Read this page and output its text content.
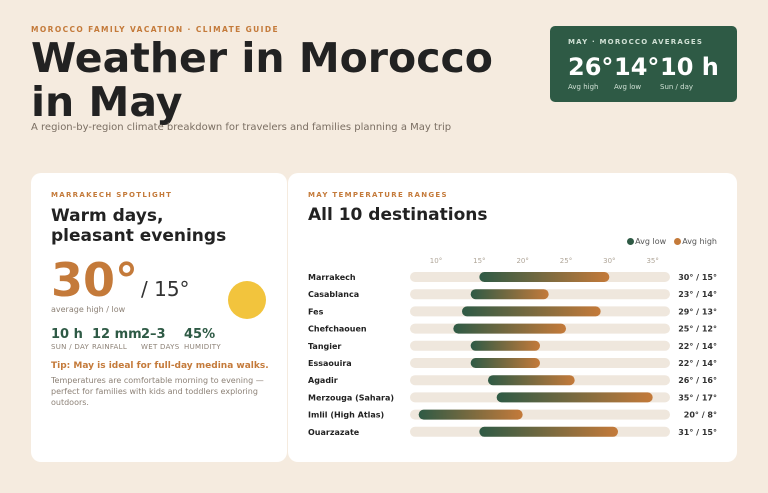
MOROCCO FAMILY VACATION · CLIMATE GUIDE
Weather in Morocco in May
A region-by-region climate breakdown for travelers and families planning a May trip
MAY · MOROCCO AVERAGES
26°
Avg high
14°
Avg low
10 h
Sun / day
MARRAKECH SPOTLIGHT
Warm days,
pleasant evenings
30° / 15°
average high / low
10 h
SUN / DAY
12 mm
RAINFALL
2–3
WET DAYS
45%
HUMIDITY
Tip: May is ideal for full-day medina walks.
Temperatures are comfortable morning to evening — perfect for families with kids and toddlers exploring outdoors.
MAY TEMPERATURE RANGES
All 10 destinations
Avg low Avg high
10°	15°	20°	25°	30°	35°
Marrakech	30° / 15°
Casablanca	23° / 14°
Fes	29° / 13°
Chefchaouen	25° / 12°
Tangier	22° / 14°
Essaouira	22° / 14°
Agadir	26° / 16°
Merzouga (Sahara)	35° / 17°
Imlil (High Atlas)	20° / 8°
Ouarzazate	31° / 15°
